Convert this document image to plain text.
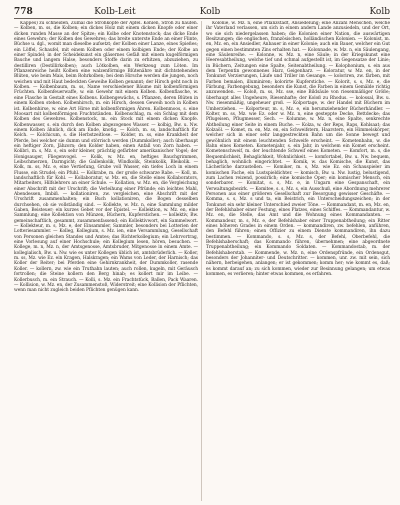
778	Kolb-Leit	Kolb	Kolb

Kappes) zu schneiden, Zumal die Strohköpfe der Äpfel. Kohlen, Stroh zu häufen. — Kolben, m. ss, die Kolben; ein dickes Holz mit einem dicken Knopfe oder einer dicken runden Masse an der Spitze; ein Kolbe oder Knotenstock; das dicke Ende eines Gewehrs; der Kolben des Gewehres; das breite unterste Ende an einer Flinte, Büchse u. dgl., womit man dieselbe aufsetzt; der Kolben einer Lanze, eines Spießes; ein Löffel, Schaufel, mit einem Kolben oder einem kolbigen Ende; der Kolbe an einer Spindel; in der Scheidekunst ein gläsernes Gefäß mit einem kugelförmigen Bauche und langem Halse, besonders Stoffe darin zu erhitzen, abzuziehen, zu destilliren (Destillirkolben); auch Lötkolben, ein Werkzeug zum Löten. Im Pflanzenreiche heißt Kolben eine walzenförmige Blütenähre mit dichtstehenden Blüten, wie beim Mais, beim Rohrkolben; bei dem Hirsche werden die jungen, noch weichen und mit Haut bedeckten Geweihe Kolben genannt; der Hirsch geht noch in Kolben. — Kolbenbaum, m. ss, Name verschiedener Bäume mit kolbenförmigen Früchten. Kolbenfeuerwaffe, w. ein Gewehr mit einem Kolben. Kolbenflasche, w. eine Flasche in Gestalt eines Kolbens. Kolbengewächs, s. Pflanzen, deren Blüten in einem Kolben stehen. Kolbenhirsch, m. ein Hirsch, dessen Geweih noch in Kolben ist. Kolbenhirse, w. eine Art Hirse mit kolbenförmigen Ähren. Kolbenmoos, s. eine Moosart mit kolbenförmigen Fruchtständen. Kolbenschlag, m. ein Schlag mit dem Kolben des Gewehres. Kolbenstock, m. ein Stock mit einem dicken Knopfe. Kolbenwasser, s. ein durch den Kolben abgezogenes Wasser. — kolbig, Bw. u. Nw. einem Kolben ähnlich, dick am Ende, knotig. — Kolch, m. ss, landschaftlich für Kelch. — Kolchicum, s. die Herbstzeitlose. — Kolder, m. ss, eine Krankheit der Pferde, bei welcher sie dumm und störrisch werden (Dummkoller); auch überhaupt ein heftiger Zorn, Jähzorn; den Kolder haben, einen Anfall von Zorn haben. — Kolibri, m. s, Mz. s, ein sehr kleiner, prächtig gefärbter amerikanischer Vogel; der Honigsauger, Fliegenvogel. — Kolik, w. Mz. en, heftiges Bauchgrimmen, Leibschmerzen, Darmgicht; die Gallenkolik, Windkolik, Steinkolik, Bleikolik. — Kolk, m. ss, Mz. e, eine Vertiefung, Grube voll Wasser, ein tiefes Loch in einem Flusse, ein Strudel; ein Pfuhl. — Kolkrabe, m. der große schwarze Rabe. — Koll, m. landschaftlich für Kohl. — Kollaboratur, w. Mz. en, die Stelle eines Kollaborators, Mitarbeiters, Hilfslehrers an einer Schule. — Kollation, w. Mz. en, die Vergleichung einer Abschrift mit der Urschrift; die Verleihung einer Pfründe; ein leichtes Mahl, Abendessen, Imbiß. — kollationiren, zw. vergleichen, eine Abschrift mit der Urschrift zusammenhalten; ein Buch kollationiren, die Bogen desselben durchsehen, ob sie vollständig sind. — Kollekte, w. Mz. n, eine Sammlung milder Gaben, Beisteuer; ein kurzes Gebet vor der Epistel. — Kollektion, w. Mz. en, eine Sammlung; eine Kollektion von Münzen, Büchern, Kupferstichen. — kollektiv, Bw. gemeinschaftlich, gesammt, zusammenfassend; ein Kollektivwort, ein Sammelwort. — Kollekteur, m. s, Mz. e, der Einsammler, Sammler, besonders bei Lotterien der Lotteriesammler. — Kolleg, Kollegium, s. Mz. ien, eine Versammlung, Gesellschaft von Personen gleichen Standes und Amtes; das Richterkollegium; ein Lehrvortrag, eine Vorlesung auf einer Hochschule; ein Kollegium lesen, hören, besuchen. — Kollege, m. n, Mz. n, der Amtsgenosse, Amtsbruder, Mitgenosse in einem Amte. — kollegialisch, Bw. u. Nw. wie es unter Kollegen üblich ist, amtsbrüderlich. — Koller, m. ss, Mz. wie Ez. ein Kragen, Halskragen; ein Wams von Leder, der Harnisch; das Koller der Reiter; bei Pferden eine Gehirnkrankheit, der Dummkoller, rasende Koller. — kollern, zw. wie ein Truthahn lauten; auch rollen, kugeln, mit Geräusch fortrollen; die Steine kollern den Berg hinab; es kollert mir im Leibe. — Kollerbusch, m. ein Strauch. — Kolli, s. Mz. ein Frachtstück, Ballen, Pack Waaren. — Kollision, w. Mz. en, der Zusammenstoß, Widerstreit; eine Kollision der Pflichten, wenn man nicht zugleich beiden Pflichten genügen kann.

Kolonie, w. Mz. n, eine Pflanzstadt, Ansiedelung; eine Anzahl Menschen, welche ihr Vaterland verlassen, um sich in einem andern Lande anzusiedeln, und der Ort, wo sie sich niedergelassen haben; die Kolonien einer Nation, die auswärtigen Besitzungen; die englischen, französischen, holländischen Kolonien. — Kolonist, m. en, Mz. en, ein Ansiedler, Anbauer in einer Kolonie; auch ein Bauer, welcher ein Gut gegen einen bestimmten Zins erhalten hat. — Kolonnade, w. Mz. n, ein Säulengang, eine Säulenreihe. — Kolonne, w. Mz. n, eine Säule; in der Kriegskunst eine Heeresabtheilung, welche tief und schmal aufgestellt ist, im Gegensatze der Linie; in Büchern, Zeitungen eine Spalte, Seitenabtheilung. — Kolophonium, s. ein aus dem Terpentin gewonnenes Harz, Geigenharz. — Koloratur, w. Mz. en, in der Tonkunst Verzierungen, Läufe und Triller im Gesange. — koloriren, zw. färben, mit Farben bemalen, illuminiren; kolorirte Kupferstiche. — Kolorit, s. s, Mz. e, die Färbung, Farbengebung, besonders die Kunst, die Farben in einem Gemälde richtig anzuwenden. — Koloß, m. ss, Mz. sse, eine Bildsäule von riesenmäßiger Größe; überhaupt alles Ungeheure, Riesenhafte; der Koloß zu Rhodus. — kolossal, Bw. u. Nw. riesenmäßig, ungeheuer groß. — Kolportage, w. der Handel mit Büchern im Umherziehen. — Kolporteur, m. s, Mz. e, ein herumziehender Bücherhändler. — Kolter, m. ss, Mz. wie Ez. oder w. Mz. n, eine gesteppte Decke, Bettdecke; das Pflugeisen, Pflugmesser, Sech. — Kolumne, w. Mz. n, eine Spalte, senkrechte Abtheilung einer Seite in einem Buche. — Kolza, w. der Reps, Raps, Kohlsaat; das Kolzaöl. — Komet, m. en, Mz. en, ein Schweifstern, Haarstern, ein Himmelskörper, welcher sich in einer sehr langgestreckten Bahn um die Sonne bewegt und gewöhnlich mit einem leuchtenden Schweife erscheint. — Kometenbahn, w. die Bahn eines Kometen. Kometenjahr, s. ein Jahr, in welchem ein Komet erscheint. Kometenschweif, m. der leuchtende Schweif eines Kometen. — Komfort, m. s, die Bequemlichkeit, Behaglichkeit, Wohnlichkeit. — komfortabel, Bw. u. Nw. bequem, behaglich, wohnlich eingerichtet. — Komik, w. das Komische, die Kunst, das Lächerliche darzustellen. — Komiker, m. s, Mz. wie Ez. ein Schauspieler im komischen Fache, ein Lustspieldichter. — komisch, Bw. u. Nw. lustig, belustigend, zum Lachen reizend, possirlich; eine komische Oper; ein komischer Mensch, ein sonderbarer. — Komitat, s. s, Mz. e, in Ungarn eine Gespanschaft, ein Verwaltungsbezirk. — Komitee, s. s, Mz. s, ein Ausschuß, eine Abordnung mehrerer Personen aus einer größeren Gesellschaft zur Besorgung gewisser Geschäfte. — Komma, s. s, Mz. s und ta, ein Beistrich, ein Unterscheidungszeichen; in der Tonkunst ein sehr kleiner Unterschied zweier Töne. — Kommandant, m. en, Mz. en, der Befehlshaber einer Festung, eines Platzes, eines Schiffes. — Kommandantur, w. Mz. en, die Stelle, das Amt und die Wohnung eines Kommandanten. — Kommandeur, m. s, Mz. e, der Befehlshaber einer Truppenabtheilung; ein Ritter eines höheren Grades in einem Orden. — kommandiren, zw. befehlen, anführen, den Befehl führen; einen Offizier zu einem Dienste kommandiren, ihn dazu bestimmen. — Kommando, s. s, Mz. s, der Befehl, Oberbefehl, die Befehlshaberschaft; das Kommando führen, übernehmen; eine abgeordnete Truppenabtheilung; ein Kommando Soldaten. — Kommandostab, m. der Befehlshaberstab. — Kommende, w. Mz. n, eine Ordenspfründe, ein Ordensgut, besonders der Johanniter- und Deutschritter. — kommen, unr. zw. mit sein, sich nähern, herbeigehen, anlangen; er ist gekommen; komm her; wie kommt es, daß; es kommt darauf an; zu sich kommen, wieder zur Besinnung gelangen; um etwas kommen, es verlieren; hinter etwas kommen, es erfahren.
